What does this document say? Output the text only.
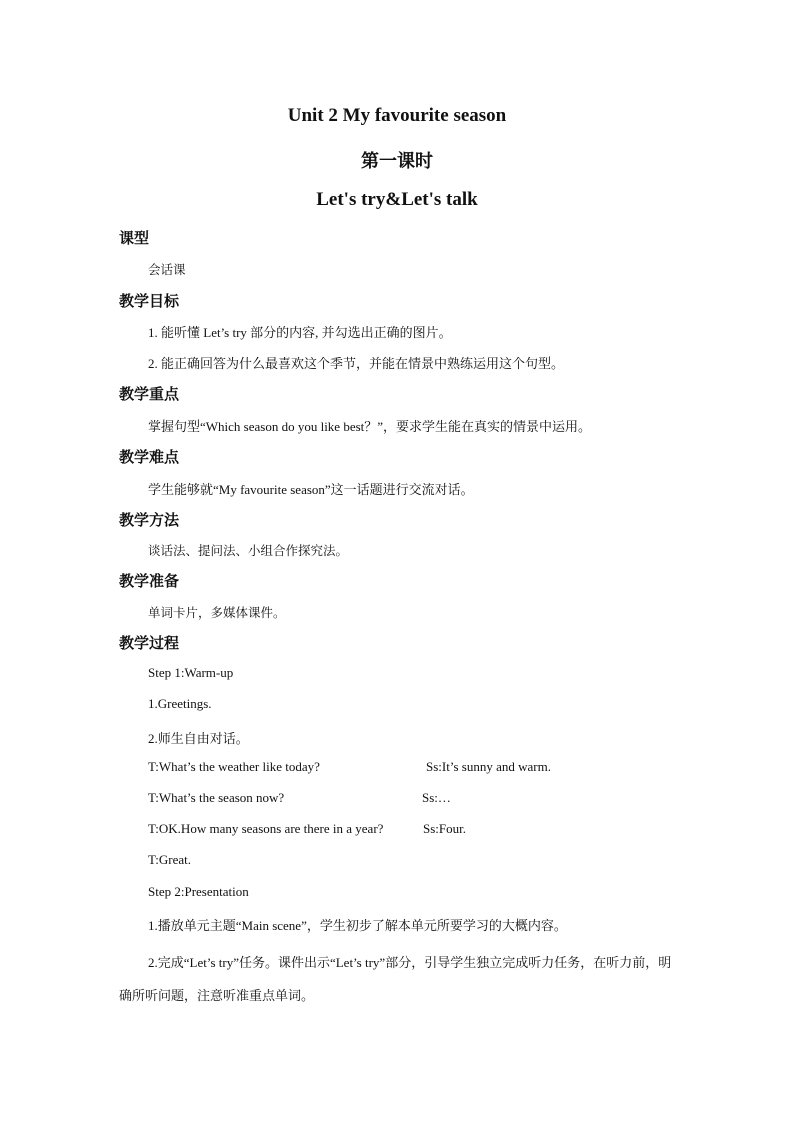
Unit 2 My favourite season
第一课时
Let's try&Let's talk
课型
会话课
教学目标
1. 能听懂 Let’s try 部分的内容, 并勾选出正确的图片。
2. 能正确回答为什么最喜欢这个季节，并能在情景中熟练运用这个句型。
教学重点
掌握句型“Which season do you like best？”，要求学生能在真实的情景中运用。
教学难点
学生能够就“My favourite season”这一话题进行交流对话。
教学方法
谈话法、提问法、小组合作探究法。
教学准备
单词卡片，多媒体课件。
教学过程
Step 1:Warm-up
1.Greetings.
2.师生自由对话。
T:What’s the weather like today?	Ss:It’s sunny and warm.
T:What’s the season now?	Ss:…
T:OK.How many seasons are there in a year?	Ss:Four.
T:Great.
Step 2:Presentation
1.播放单元主题“Main scene”，学生初步了解本单元所要学习的大概内容。
2.完成“Let’s try”任务。课件出示“Let’s try”部分，引导学生独立完成听力任务，在听力前，明确所听问题，注意听准重点单词。
